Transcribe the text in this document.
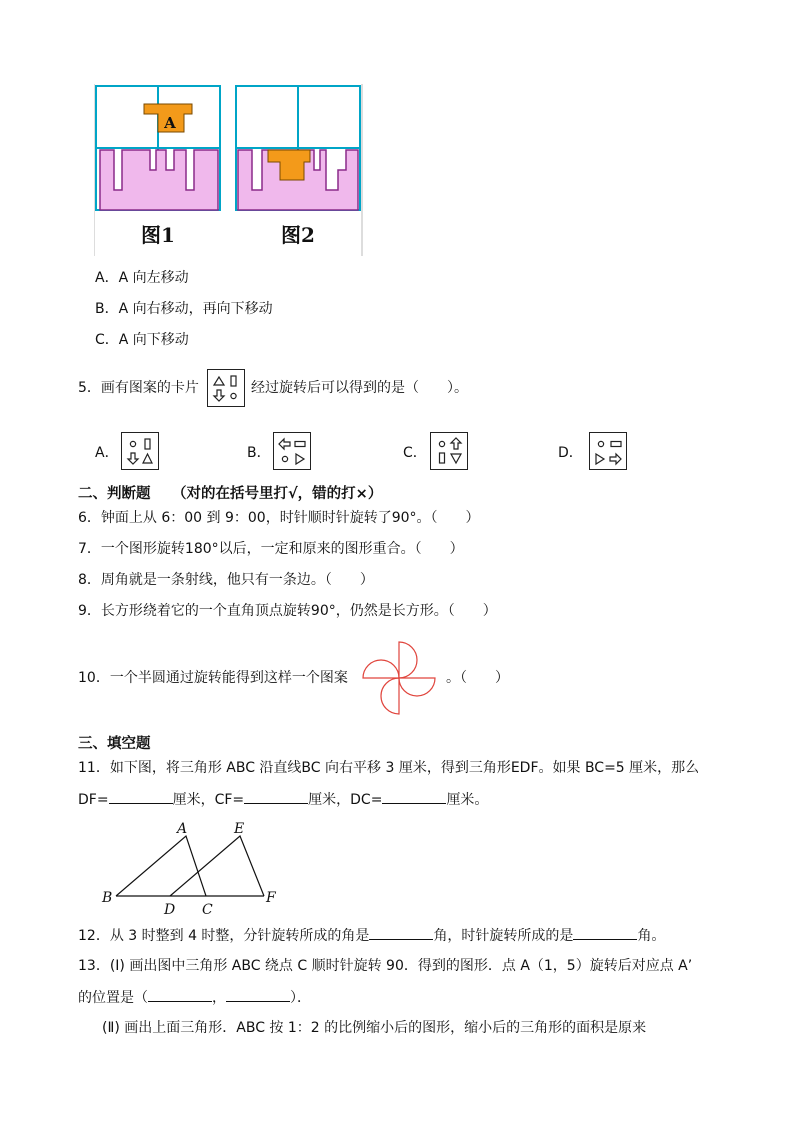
A
图1	图2
A．A 向左移动
B．A 向右移动，再向下移动
C．A 向下移动
5．画有图案的卡片	经过旋转后可以得到的是（　　）。
A．	B．	C．	D．
二、判断题 （对的在括号里打√，错的打×）
6．钟面上从 6：00 到 9：00，时针顺时针旋转了90°。（　　）
7．一个图形旋转180°以后，一定和原来的图形重合。（　　）
8．周角就是一条射线，他只有一条边。（　　）
9．长方形绕着它的一个直角顶点旋转90°，仍然是长方形。（　　）
10．一个半圆通过旋转能得到这样一个图案	。（　　）
三、填空题
11．如下图，将三角形 ABC 沿直线BC 向右平移 3 厘米，得到三角形EDF。如果 BC=5 厘米，那么
DF=	厘米，CF=	厘米，DC=	厘米。
A	E
B	F
D C
12．从 3 时整到 4 时整，分针旋转所成的角是	角，时针旋转所成的是	角。
13．(Ⅰ) 画出图中三角形 ABC 绕点 C 顺时针旋转 90．得到的图形．点 A（1，5）旋转后对应点 A’
的位置是（	，	）．
(Ⅱ) 画出上面三角形．ABC 按 1：2 的比例缩小后的图形，缩小后的三角形的面积是原来
